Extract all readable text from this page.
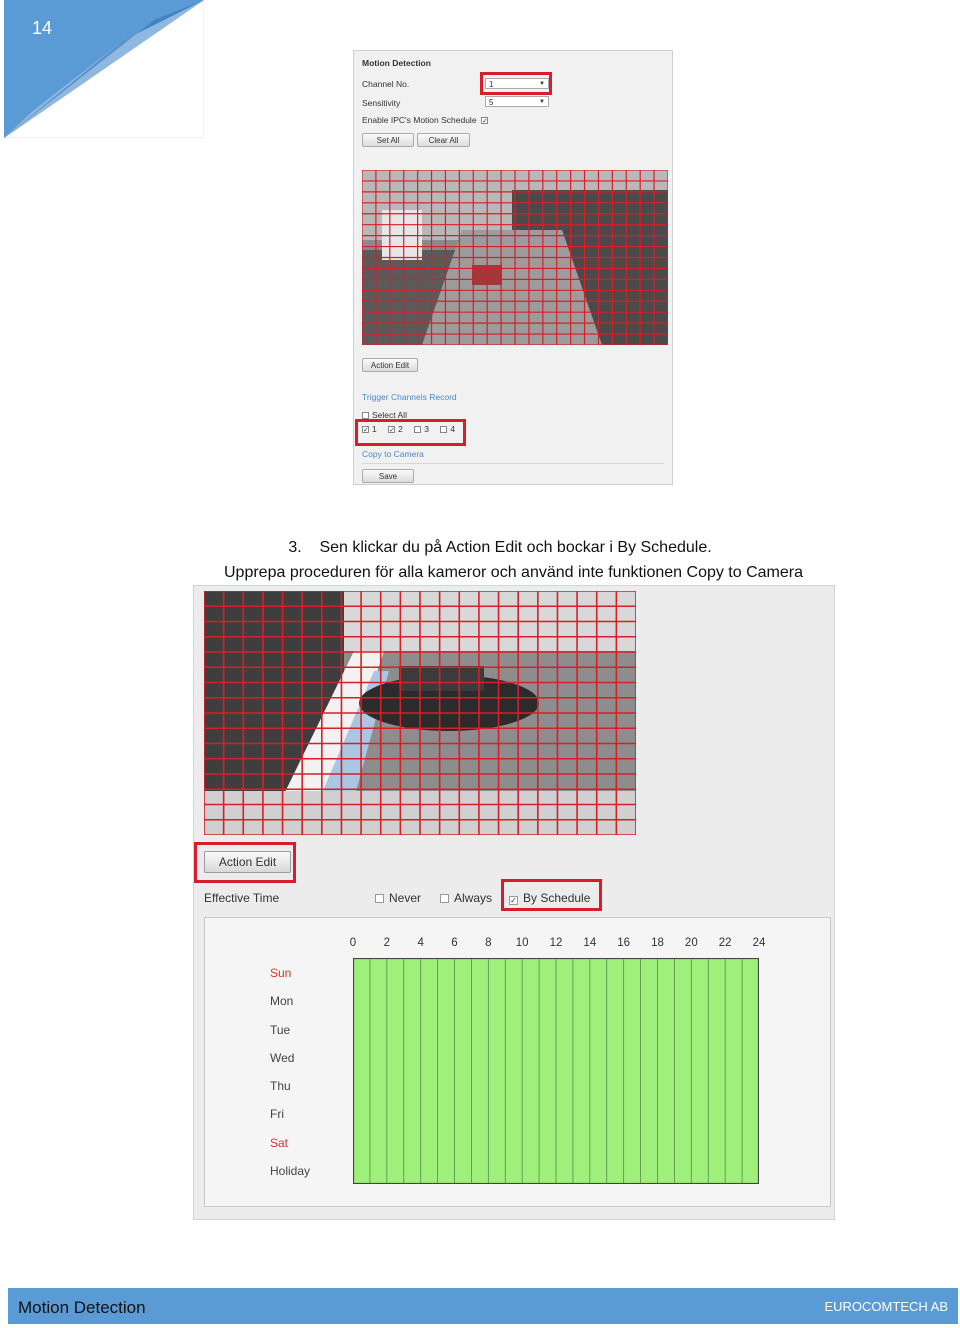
14
Motion Detection
Channel No.	1	▼
Sensitivity	5	▼
Enable IPC's Motion Schedule ✓
Set All	Clear All
Action Edit
Trigger Channels Record
Select All
✓ 1 ✓ 2	3	4
Copy to Camera
Save
3. Sen klickar du på Action Edit och bockar i By Schedule.
Upprepa proceduren för alla kameror och använd inte funktionen Copy to Camera
Action Edit
Effective Time	Never	Always ✓ By Schedule
0	2	4	6	8	10	12	14	16	18	20	22	24
Sun
Mon
Tue
Wed
Thu
Fri
Sat
Holiday
Motion Detection	EUROCOMTECH AB
